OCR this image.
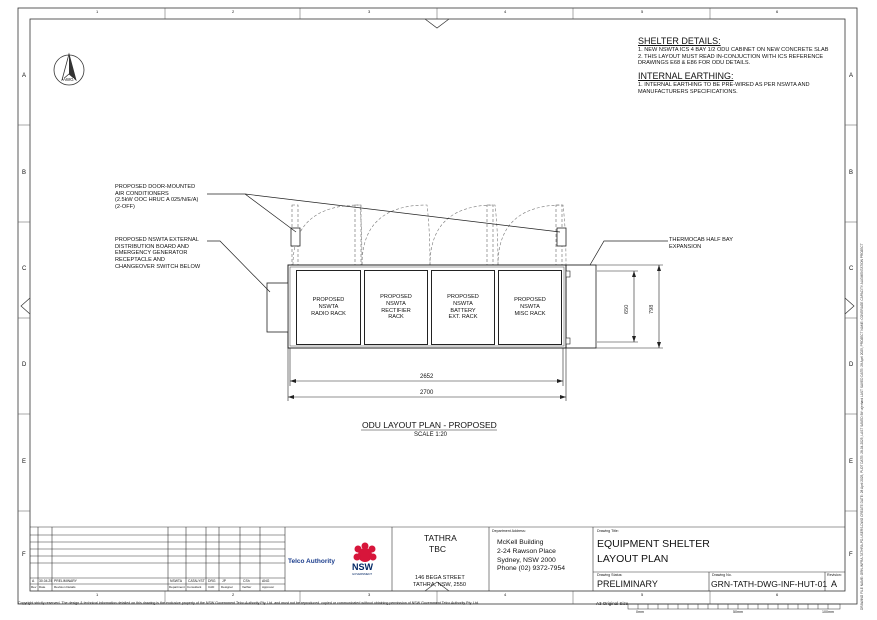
1	2	3	4	5	6
1	2	3	4	5	6
A
B
C
D
E
F
A
B
C
D
E
F
AWG
SHELTER DETAILS:
1. NEW NSWTA ICS 4 BAY 1/2 ODU CABINET ON NEW CONCRETE SLAB
2. THIS LAYOUT MUST READ IN-CONJUCTION WITH ICS REFERENCE
DRAWINGS E68 & E86 FOR ODU DETAILS.
INTERNAL EARTHING:
1. INTERNAL EARTHING TO BE PRE-WIRED AS PER NSWTA AND
MANUFACTURERS SPECIFICATIONS.
PROPOSED DOOR-MOUNTED
AIR CONDITIONERS
(2.5kW OOC HRUC A 025/N/E/A)
(2-OFF)
PROPOSED NSWTA EXTERNAL
DISTRIBUTION BOARD AND
EMERGENCY GENERATOR
RECEPTACLE AND
CHANGEOVER SWITCH BELOW
THERMOCAB HALF BAY
EXPANSION
PROPOSED
NSWTA
RADIO RACK
PROPOSED
NSWTA
RECTIFIER
RACK
PROPOSED
NSWTA
BATTERY
EXT. RACK
PROPOSED
NSWTA
MISC RACK
2652
2700
650	798
ODU LAYOUT PLAN - PROPOSED
SCALE 1:20
A 30.04.25 PRELIMINARY	NSWTA CATALYST DRG JP	CSh	ANG
Rev Date	Revision Details	Department Consultant CAD Designer	Verifier	Approver
Telco Authority
NSW
GOVERNMENT
TATHRA
TBC
146 BEGA STREET
TATHRA, NSW, 2550
Department Address:
McKell Building
2-24 Rawson Place
Sydney, NSW 2000
Phone (02) 9372-7954
Drawing Title:
EQUIPMENT SHELTER
LAYOUT PLAN
Drawing Status:
PRELIMINARY
Drawing No.
GRN-TATH-DWG-INF-HUT-01
Revision:
A
Copyright strictly reserved. The design & technical information detailed on this drawing is the exclusive property of the NSW Government Telco Authority Pty. Ltd. and must not be reproduced, copied or communicated without obtaining permission of NSW Government Telco Authority Pty. Ltd.	A3 Original Size
0mm	50mm	100mm
DRAWING FILE NAME: GRN-INFRA-TATHRA-PD-USERS-DWG CREATE DATE: 28 April 2025, PLOT DATE: 28-04-2025, LAST SAVED BY: ajerhard LAST SAVED DATE: 28 April 2025, PROJECT NAME: COVERAGE CAPACITY AUGMENTATION PROJECT
